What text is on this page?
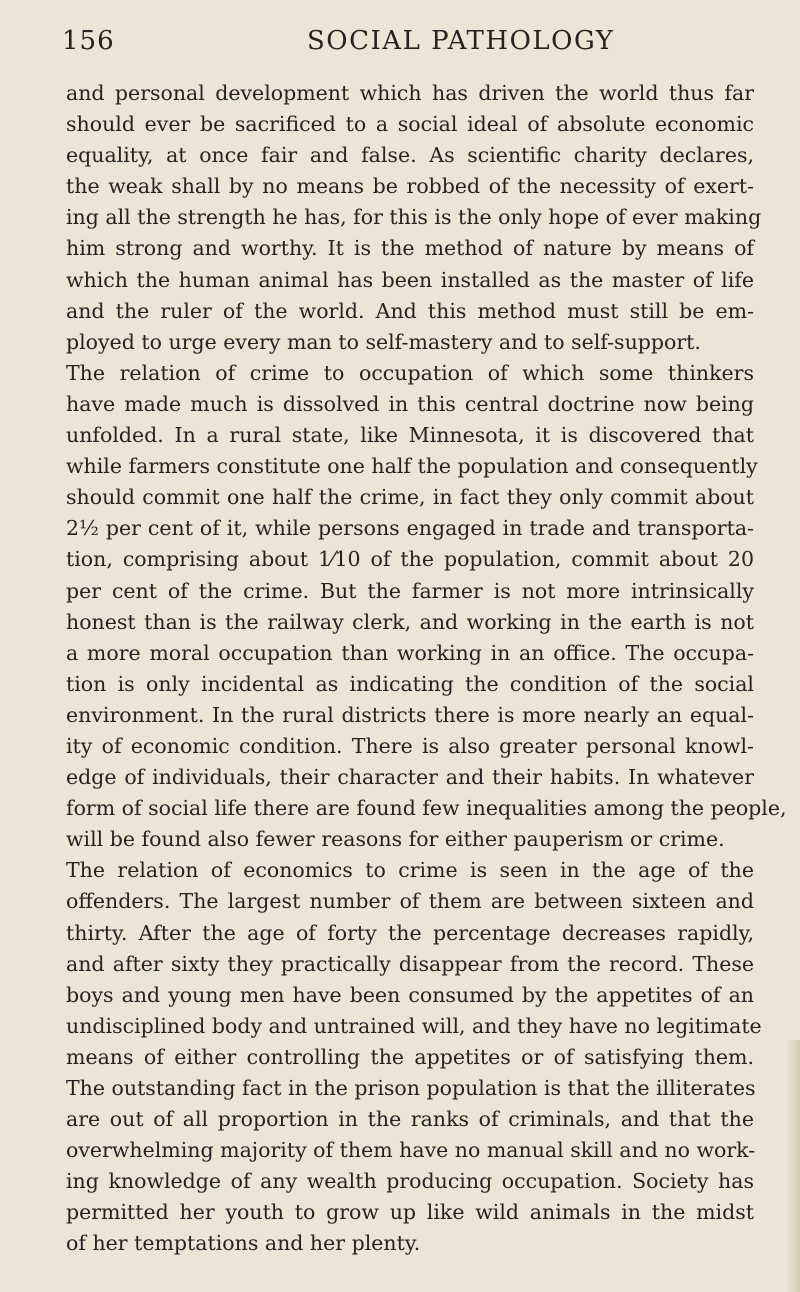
156	SOCIAL PATHOLOGY
and personal development which has driven the world thus far
should ever be sacrificed to a social ideal of absolute economic
equality, at once fair and false. As scientific charity declares,
the weak shall by no means be robbed of the necessity of exert-
ing all the strength he has, for this is the only hope of ever making
him strong and worthy. It is the method of nature by means of
which the human animal has been installed as the master of life
and the ruler of the world. And this method must still be em-
ployed to urge every man to self-mastery and to self-support.
The relation of crime to occupation of which some thinkers
have made much is dissolved in this central doctrine now being
unfolded. In a rural state, like Minnesota, it is discovered that
while farmers constitute one half the population and consequently
should commit one half the crime, in fact they only commit about
2½ per cent of it, while persons engaged in trade and transporta-
tion, comprising about 1⁄10 of the population, commit about 20
per cent of the crime. But the farmer is not more intrinsically
honest than is the railway clerk, and working in the earth is not
a more moral occupation than working in an office. The occupa-
tion is only incidental as indicating the condition of the social
environment. In the rural districts there is more nearly an equal-
ity of economic condition. There is also greater personal knowl-
edge of individuals, their character and their habits. In whatever
form of social life there are found few inequalities among the people,
will be found also fewer reasons for either pauperism or crime.
The relation of economics to crime is seen in the age of the
offenders. The largest number of them are between sixteen and
thirty. After the age of forty the percentage decreases rapidly,
and after sixty they practically disappear from the record. These
boys and young men have been consumed by the appetites of an
undisciplined body and untrained will, and they have no legitimate
means of either controlling the appetites or of satisfying them.
The outstanding fact in the prison population is that the illiterates
are out of all proportion in the ranks of criminals, and that the
overwhelming majority of them have no manual skill and no work-
ing knowledge of any wealth producing occupation. Society has
permitted her youth to grow up like wild animals in the midst
of her temptations and her plenty.
